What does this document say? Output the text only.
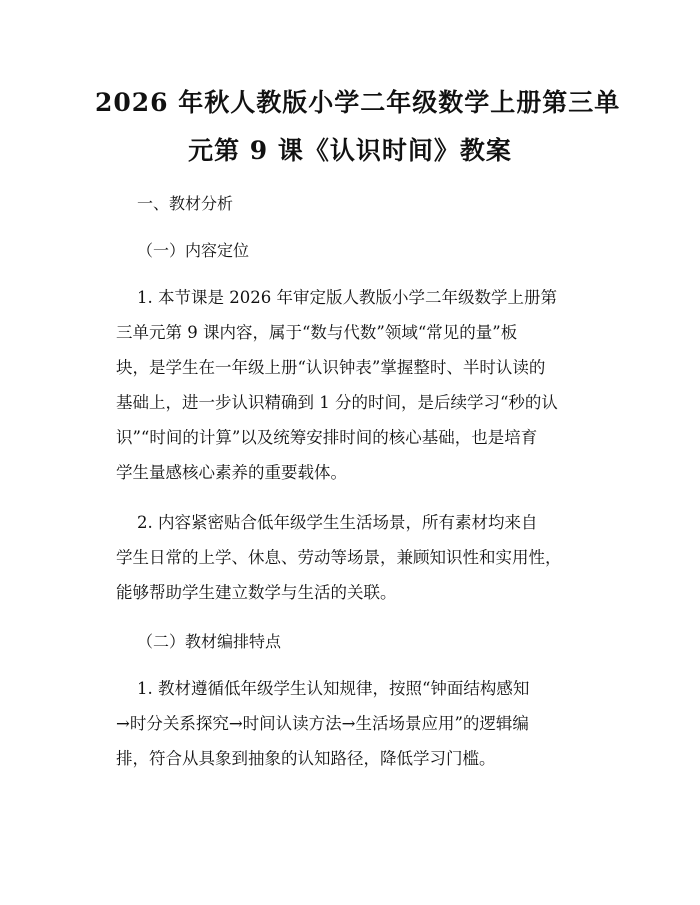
2026 年秋人教版小学二年级数学上册第三单
元第 9 课《认识时间》教案
一、教材分析
（一）内容定位
1. 本节课是 2026 年审定版人教版小学二年级数学上册第
三单元第 9 课内容，属于“数与代数”领域“常见的量”板
块，是学生在一年级上册“认识钟表”掌握整时、半时认读的
基础上，进一步认识精确到 1 分的时间，是后续学习“秒的认
识”“时间的计算”以及统筹安排时间的核心基础，也是培育
学生量感核心素养的重要载体。
2. 内容紧密贴合低年级学生生活场景，所有素材均来自
学生日常的上学、休息、劳动等场景，兼顾知识性和实用性，
能够帮助学生建立数学与生活的关联。
（二）教材编排特点
1. 教材遵循低年级学生认知规律，按照“钟面结构感知
→时分关系探究→时间认读方法→生活场景应用”的逻辑编
排，符合从具象到抽象的认知路径，降低学习门槛。
